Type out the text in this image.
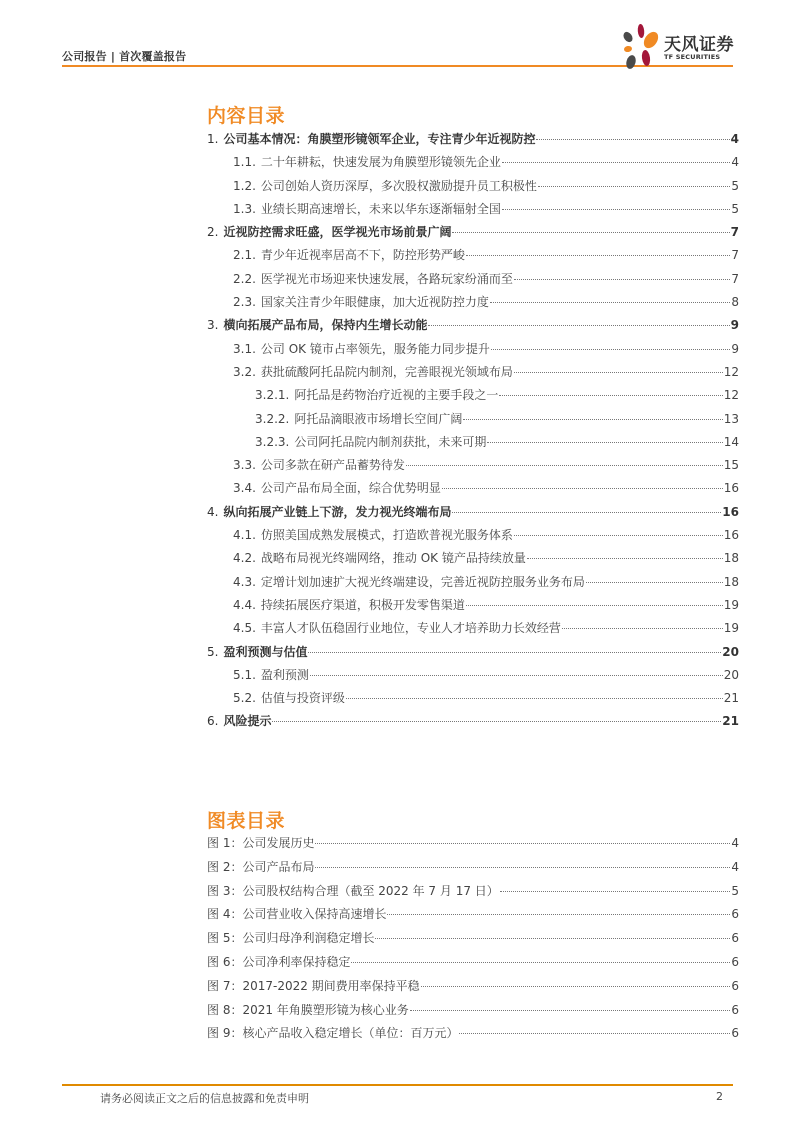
公司报告 | 首次覆盖报告
天风证券
TF SECURITIES
内容目录
1. 公司基本情况：角膜塑形镜领军企业，专注青少年近视防控	4
1.1. 二十年耕耘，快速发展为角膜塑形镜领先企业	4
1.2. 公司创始人资历深厚，多次股权激励提升员工积极性	5
1.3. 业绩长期高速增长，未来以华东逐渐辐射全国	5
2. 近视防控需求旺盛，医学视光市场前景广阔	7
2.1. 青少年近视率居高不下，防控形势严峻	7
2.2. 医学视光市场迎来快速发展，各路玩家纷涌而至	7
2.3. 国家关注青少年眼健康，加大近视防控力度	8
3. 横向拓展产品布局，保持内生增长动能	9
3.1. 公司 OK 镜市占率领先，服务能力同步提升	9
3.2. 获批硫酸阿托品院内制剂，完善眼视光领域布局	12
3.2.1. 阿托品是药物治疗近视的主要手段之一	12
3.2.2. 阿托品滴眼液市场增长空间广阔	13
3.2.3. 公司阿托品院内制剂获批，未来可期	14
3.3. 公司多款在研产品蓄势待发	15
3.4. 公司产品布局全面，综合优势明显	16
4. 纵向拓展产业链上下游，发力视光终端布局	16
4.1. 仿照美国成熟发展模式，打造欧普视光服务体系	16
4.2. 战略布局视光终端网络，推动 OK 镜产品持续放量	18
4.3. 定增计划加速扩大视光终端建设，完善近视防控服务业务布局	18
4.4. 持续拓展医疗渠道，积极开发零售渠道	19
4.5. 丰富人才队伍稳固行业地位，专业人才培养助力长效经营	19
5. 盈利预测与估值	20
5.1. 盈利预测	20
5.2. 估值与投资评级	21
6. 风险提示	21
图表目录
图 1：公司发展历史	4
图 2：公司产品布局	4
图 3：公司股权结构合理（截至 2022 年 7 月 17 日）	5
图 4：公司营业收入保持高速增长	6
图 5：公司归母净利润稳定增长	6
图 6：公司净利率保持稳定	6
图 7：2017-2022 期间费用率保持平稳	6
图 8：2021 年角膜塑形镜为核心业务	6
图 9：核心产品收入稳定增长（单位：百万元）	6
请务必阅读正文之后的信息披露和免责申明	2
